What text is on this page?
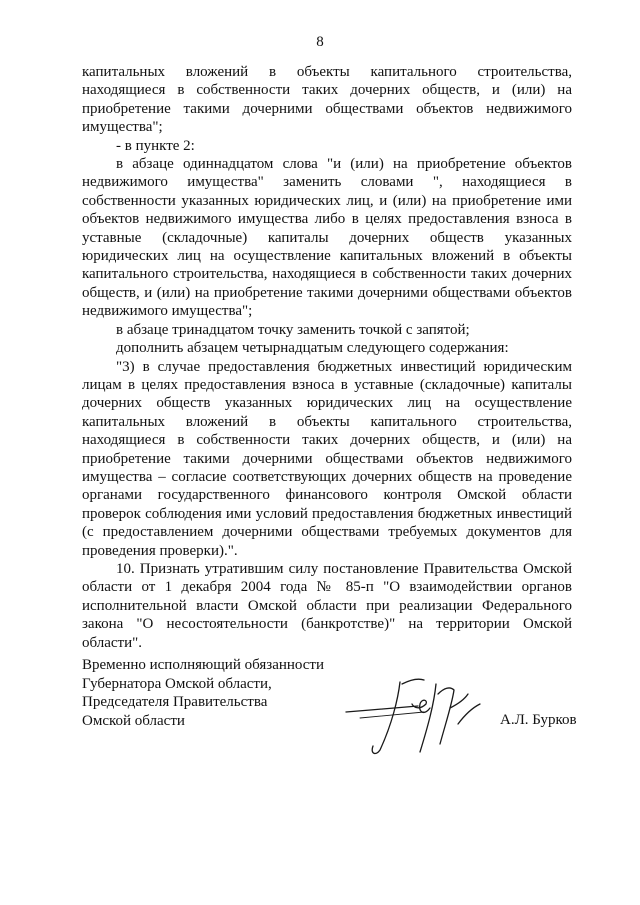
8

капитальных вложений в объекты капитального строительства, находящиеся в собственности таких дочерних обществ, и (или) на приобретение такими дочерними обществами объектов недвижимого имущества";

- в пункте 2:

в абзаце одиннадцатом слова "и (или) на приобретение объектов недвижимого имущества" заменить словами ", находящиеся в собственности указанных юридических лиц, и (или) на приобретение ими объектов недвижимого имущества либо в целях предоставления взноса в уставные (складочные) капиталы дочерних обществ указанных юридических лиц на осуществление капитальных вложений в объекты капитального строительства, находящиеся в собственности таких дочерних обществ, и (или) на приобретение такими дочерними обществами объектов недвижимого имущества";

в абзаце тринадцатом точку заменить точкой с запятой;

дополнить абзацем четырнадцатым следующего содержания:

"3) в случае предоставления бюджетных инвестиций юридическим лицам в целях предоставления взноса в уставные (складочные) капиталы дочерних обществ указанных юридических лиц на осуществление капитальных вложений в объекты капитального строительства, находящиеся в собственности таких дочерних обществ, и (или) на приобретение такими дочерними обществами объектов недвижимого имущества – согласие соответствующих дочерних обществ на проведение органами государственного финансового контроля Омской области проверок соблюдения ими условий предоставления бюджетных инвестиций (с предоставлением дочерними обществами требуемых документов для проведения проверки).".

10. Признать утратившим силу постановление Правительства Омской области от 1 декабря 2004 года № 85-п "О взаимодействии органов исполнительной власти Омской области при реализации Федерального закона "О несостоятельности (банкротстве)" на территории Омской области".

Временно исполняющий обязанности
Губернатора Омской области,
Председателя Правительства
Омской области	А.Л. Бурков
